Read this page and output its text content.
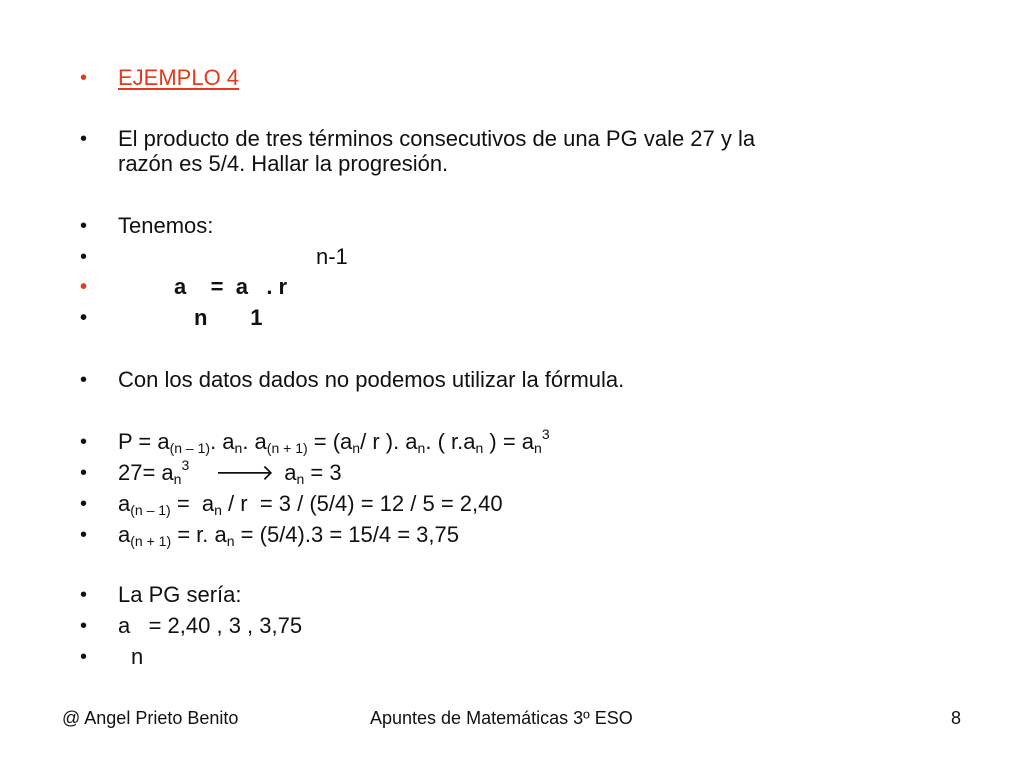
• EJEMPLO 4
• El producto de tres términos consecutivos de una PG vale 27 y la
razón es 5/4. Hallar la progresión.
• Tenemos:
•	n-1
•	a    =  a   . r
•	n       1
• Con los datos dados no podemos utilizar la fórmula.
• $P = a_{(n - 1)}$. $a_n$. $a_{(n + 1)} = (a_n/$ r ). $a_n$. ( $r.a_n$ ) = $a_n^3$
• $27= a_n^3$ 🡒 $a_n = 3$
• $a_{(n - 1)} = a_n / r = 3 / (5/4) = 12 / 5 = 2,40$
• $a_{(n + 1)} = r$. $a_n = (5/4).3 = 15/4 = 3,75$
• La PG sería:
• a   = 2,40 , 3 , 3,75
• n
@ Angel Prieto Benito	Apuntes de Matemáticas 3º ESO	8
